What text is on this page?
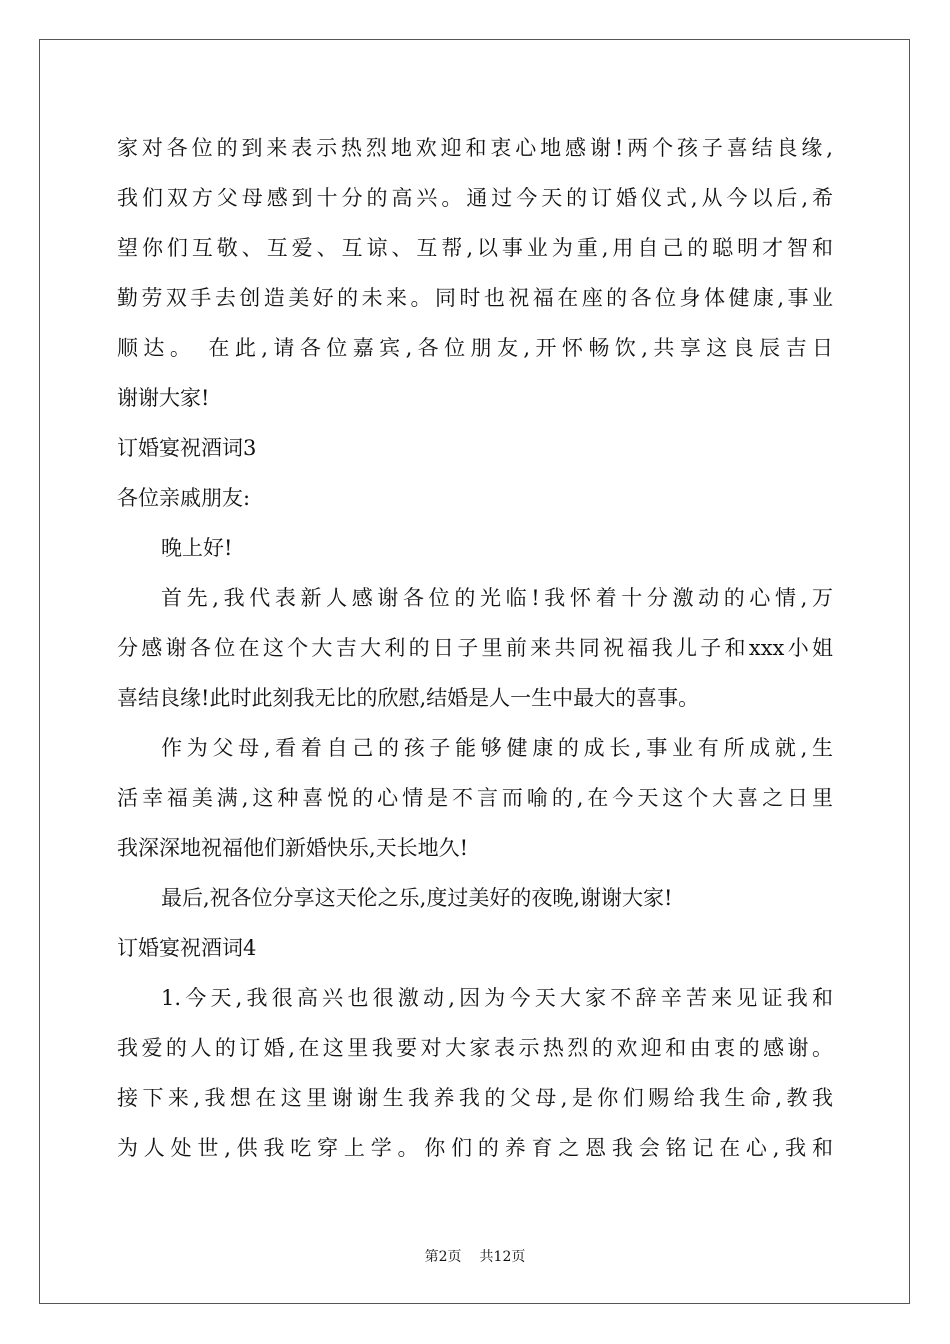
家对各位的到来表示热烈地欢迎和衷心地感谢!两个孩子喜结良缘,
我们双方父母感到十分的高兴。通过今天的订婚仪式,从今以后,希
望你们互敬、互爱、互谅、互帮,以事业为重,用自己的聪明才智和
勤劳双手去创造美好的未来。同时也祝福在座的各位身体健康,事业
顺达。 在此,请各位嘉宾,各位朋友,开怀畅饮,共享这良辰吉日
谢谢大家!
订婚宴祝酒词3
各位亲戚朋友:
晚上好!
首先,我代表新人感谢各位的光临!我怀着十分激动的心情,万
分感谢各位在这个大吉大利的日子里前来共同祝福我儿子和xxx小姐
喜结良缘!此时此刻我无比的欣慰,结婚是人一生中最大的喜事。
作为父母,看着自己的孩子能够健康的成长,事业有所成就,生
活幸福美满,这种喜悦的心情是不言而喻的,在今天这个大喜之日里
我深深地祝福他们新婚快乐,天长地久!
最后,祝各位分享这天伦之乐,度过美好的夜晚,谢谢大家!
订婚宴祝酒词4
1.今天,我很高兴也很激动,因为今天大家不辞辛苦来见证我和
我爱的人的订婚,在这里我要对大家表示热烈的欢迎和由衷的感谢。
接下来,我想在这里谢谢生我养我的父母,是你们赐给我生命,教我
为人处世,供我吃穿上学。你们的养育之恩我会铭记在心,我和
第2页 共12页
